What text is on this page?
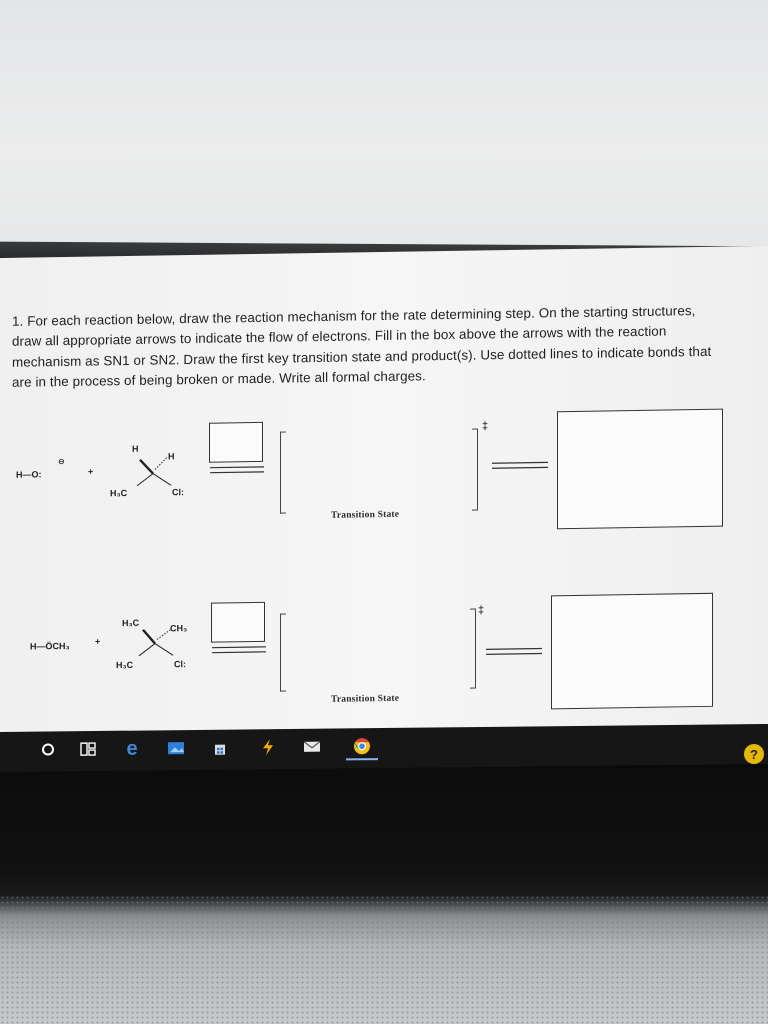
1. For each reaction below, draw the reaction mechanism for the rate determining step. On the starting structures, draw all appropriate arrows to indicate the flow of electrons. Fill in the box above the arrows with the reaction mechanism as SN1 or SN2. Draw the first key transition state and product(s). Use dotted lines to indicate bonds that are in the process of being broken or made. Write all formal charges.
H—O:
⊖
+
H
H
H₃C	Cl:
‡
Transition State
H—ÖCH₃	+
H₃C
CH₃
H₃C	Cl:
‡
Transition State
e	?
